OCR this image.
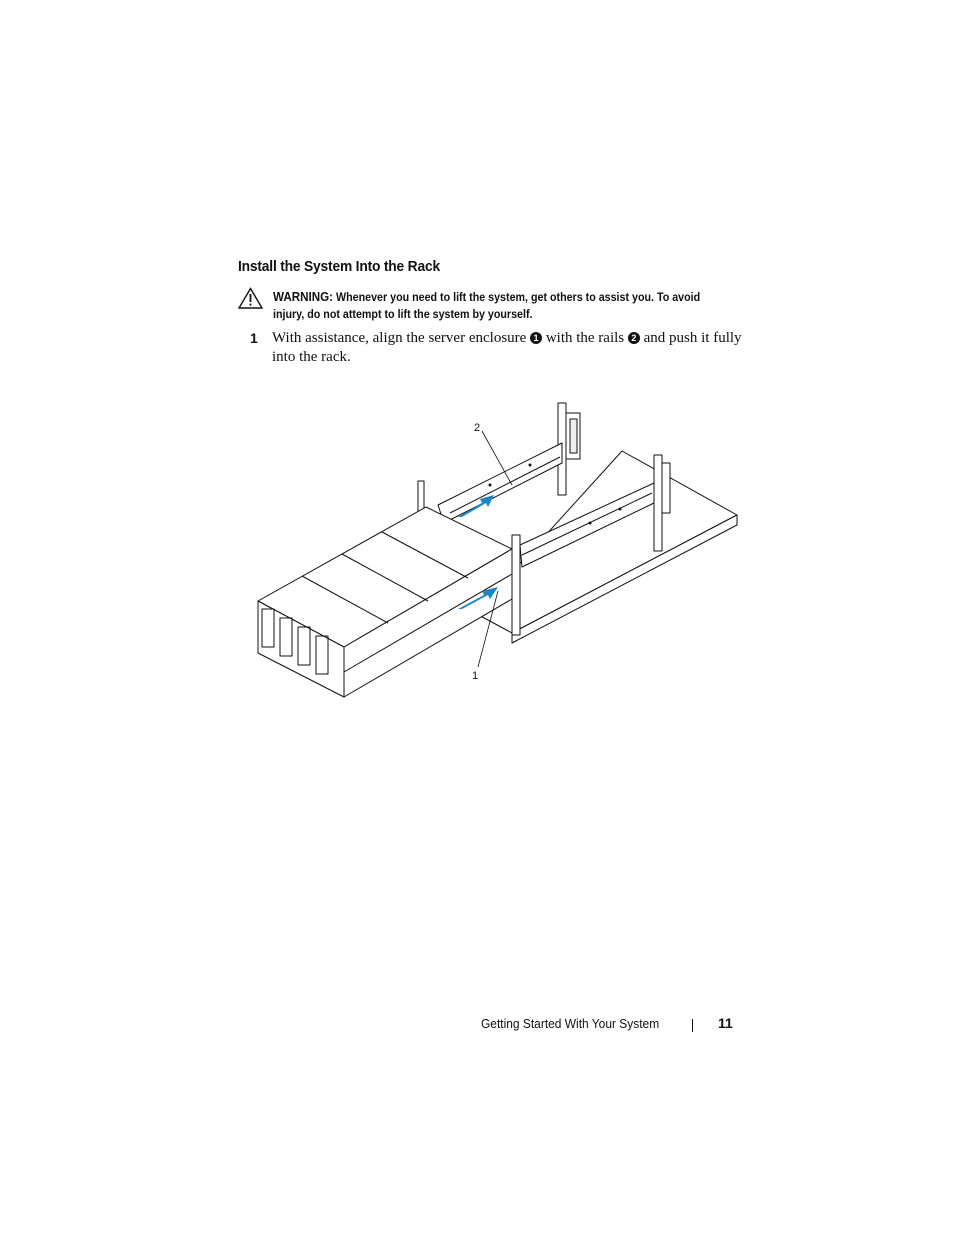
Install the System Into the Rack
WARNING: Whenever you need to lift the system, get others to assist you. To avoid injury, do not attempt to lift the system by yourself.
1 With assistance, align the server enclosure 1 with the rails 2 and push it fully into the rack.
2
1
Getting Started With Your System	11
